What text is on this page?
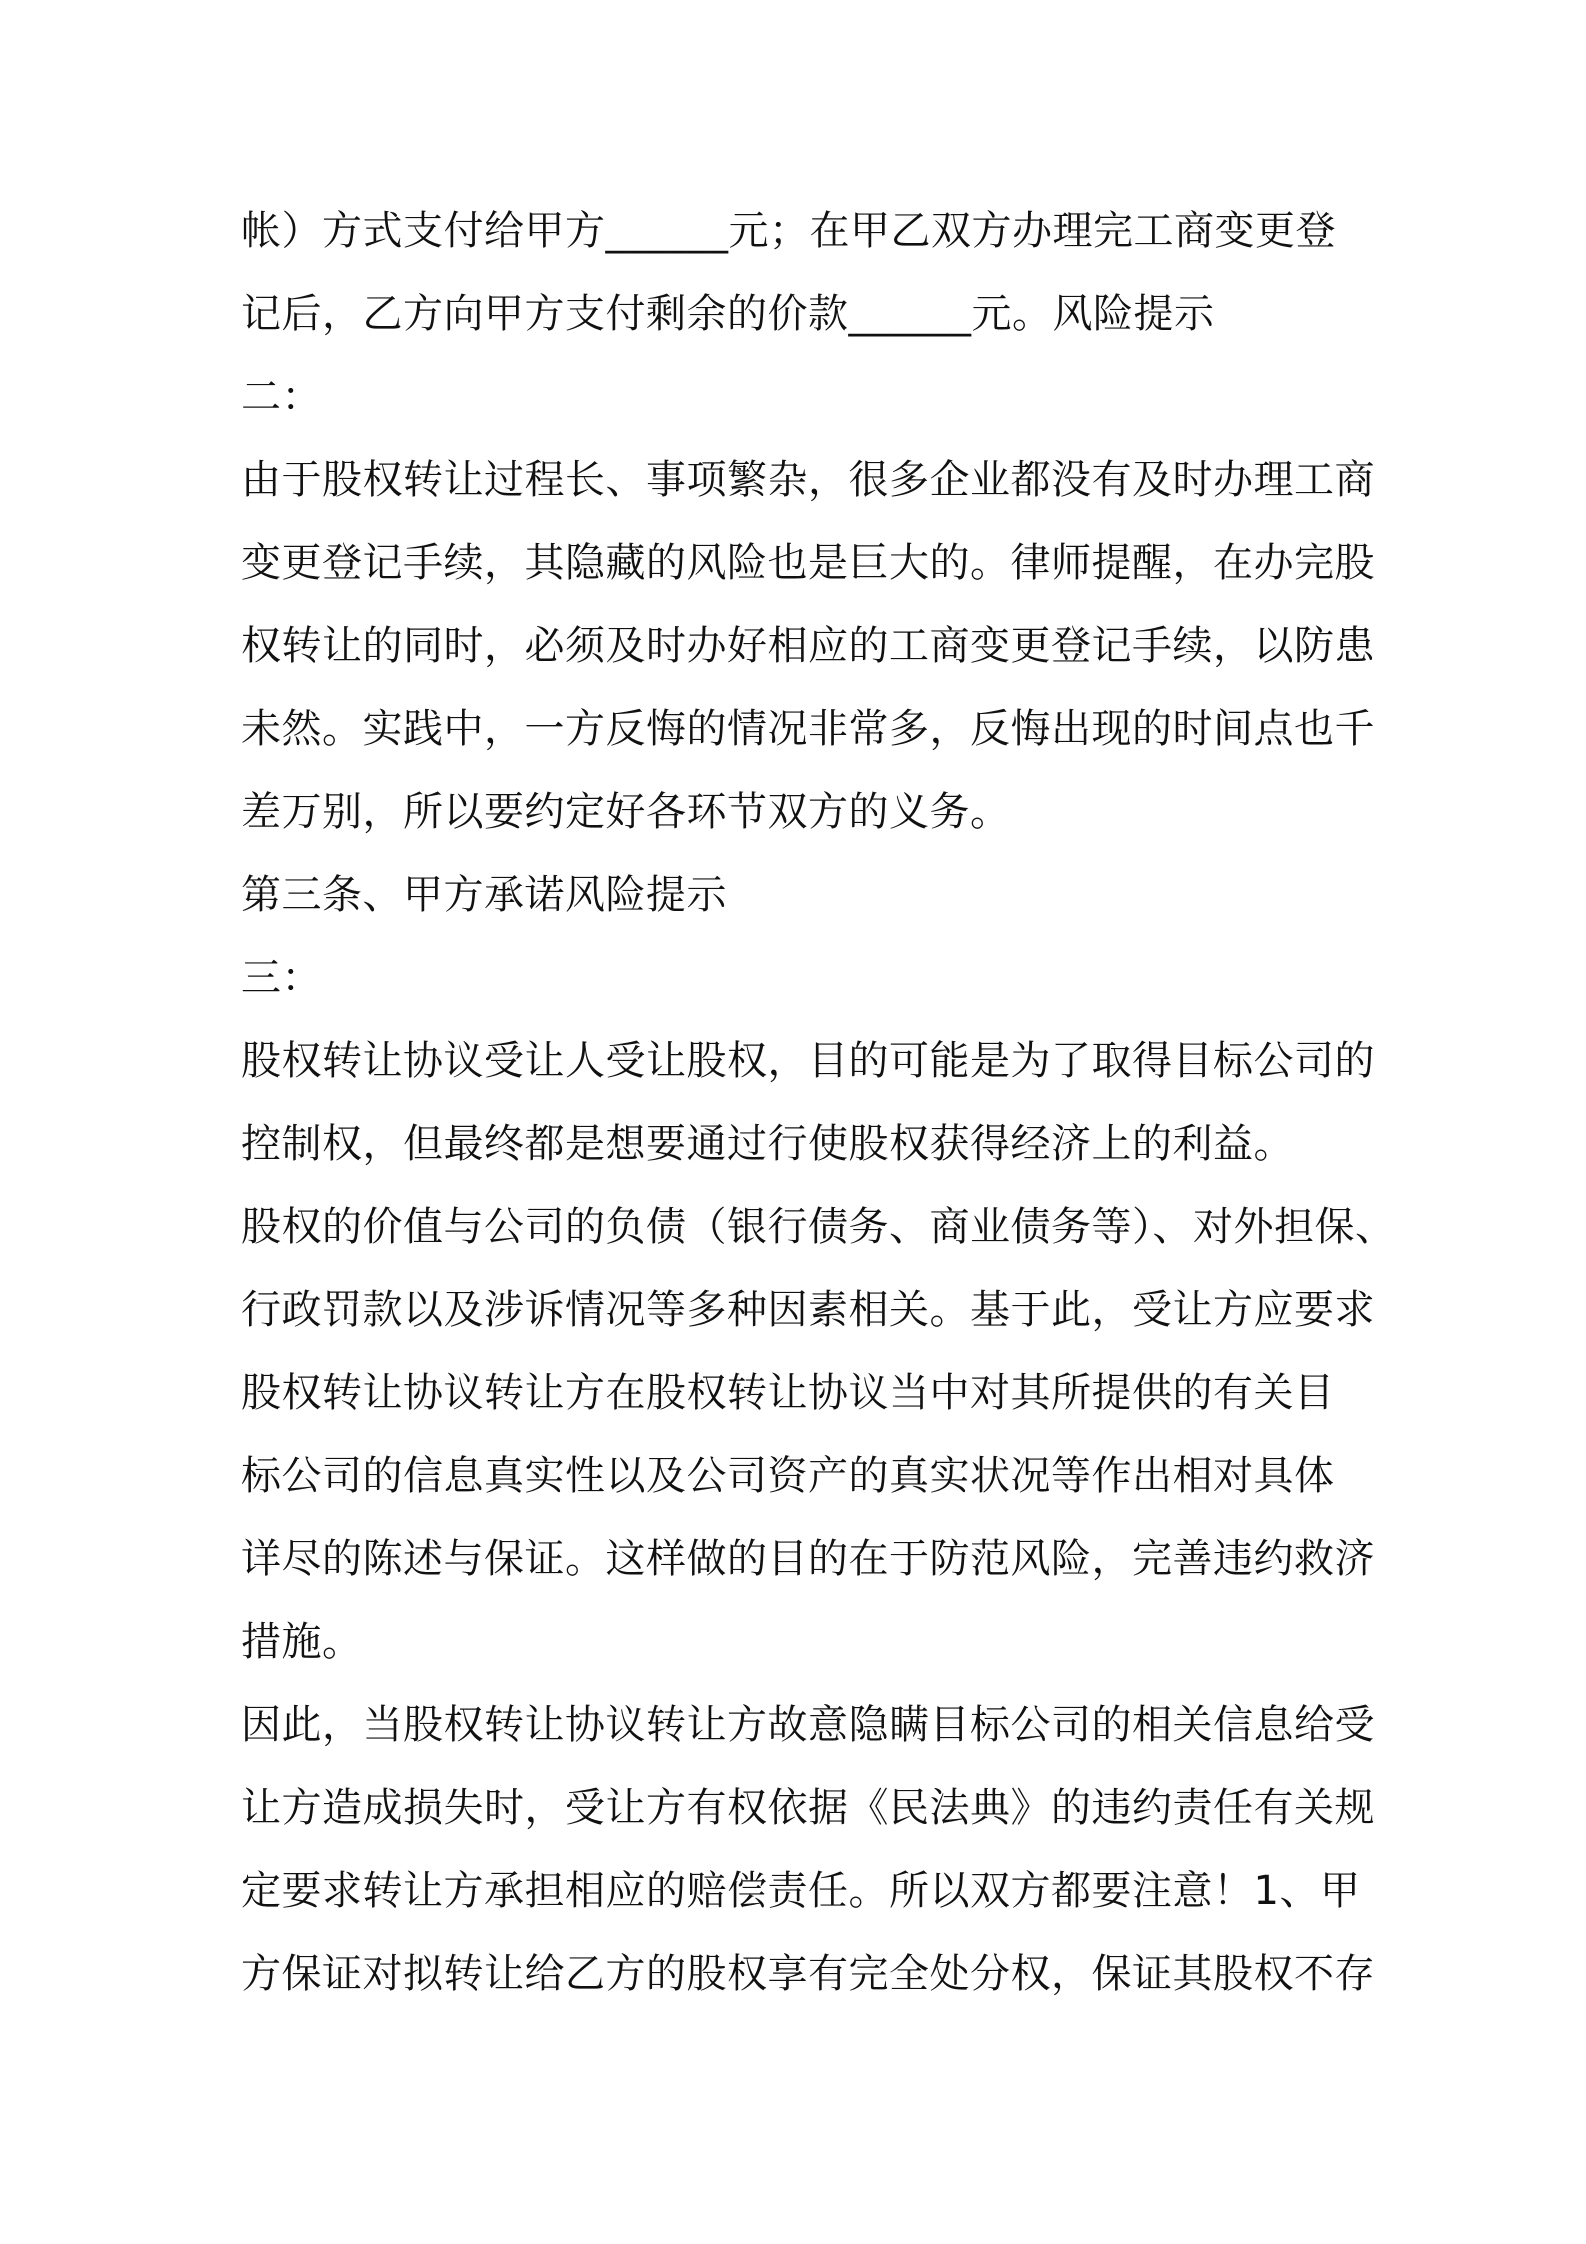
帐）方式支付给甲方______元；在甲乙双方办理完工商变更登
记后，乙方向甲方支付剩余的价款______元。风险提示
二：
由于股权转让过程长、事项繁杂，很多企业都没有及时办理工商
变更登记手续，其隐藏的风险也是巨大的。律师提醒，在办完股
权转让的同时，必须及时办好相应的工商变更登记手续，以防患
未然。实践中，一方反悔的情况非常多，反悔出现的时间点也千
差万别，所以要约定好各环节双方的义务。
第三条、甲方承诺风险提示
三：
股权转让协议受让人受让股权，目的可能是为了取得目标公司的
控制权，但最终都是想要通过行使股权获得经济上的利益。
股权的价值与公司的负债（银行债务、商业债务等）、对外担保、
行政罚款以及涉诉情况等多种因素相关。基于此，受让方应要求
股权转让协议转让方在股权转让协议当中对其所提供的有关目
标公司的信息真实性以及公司资产的真实状况等作出相对具体
详尽的陈述与保证。这样做的目的在于防范风险，完善违约救济
措施。
因此，当股权转让协议转让方故意隐瞒目标公司的相关信息给受
让方造成损失时，受让方有权依据《民法典》的违约责任有关规
定要求转让方承担相应的赔偿责任。所以双方都要注意！1、甲
方保证对拟转让给乙方的股权享有完全处分权，保证其股权不存
